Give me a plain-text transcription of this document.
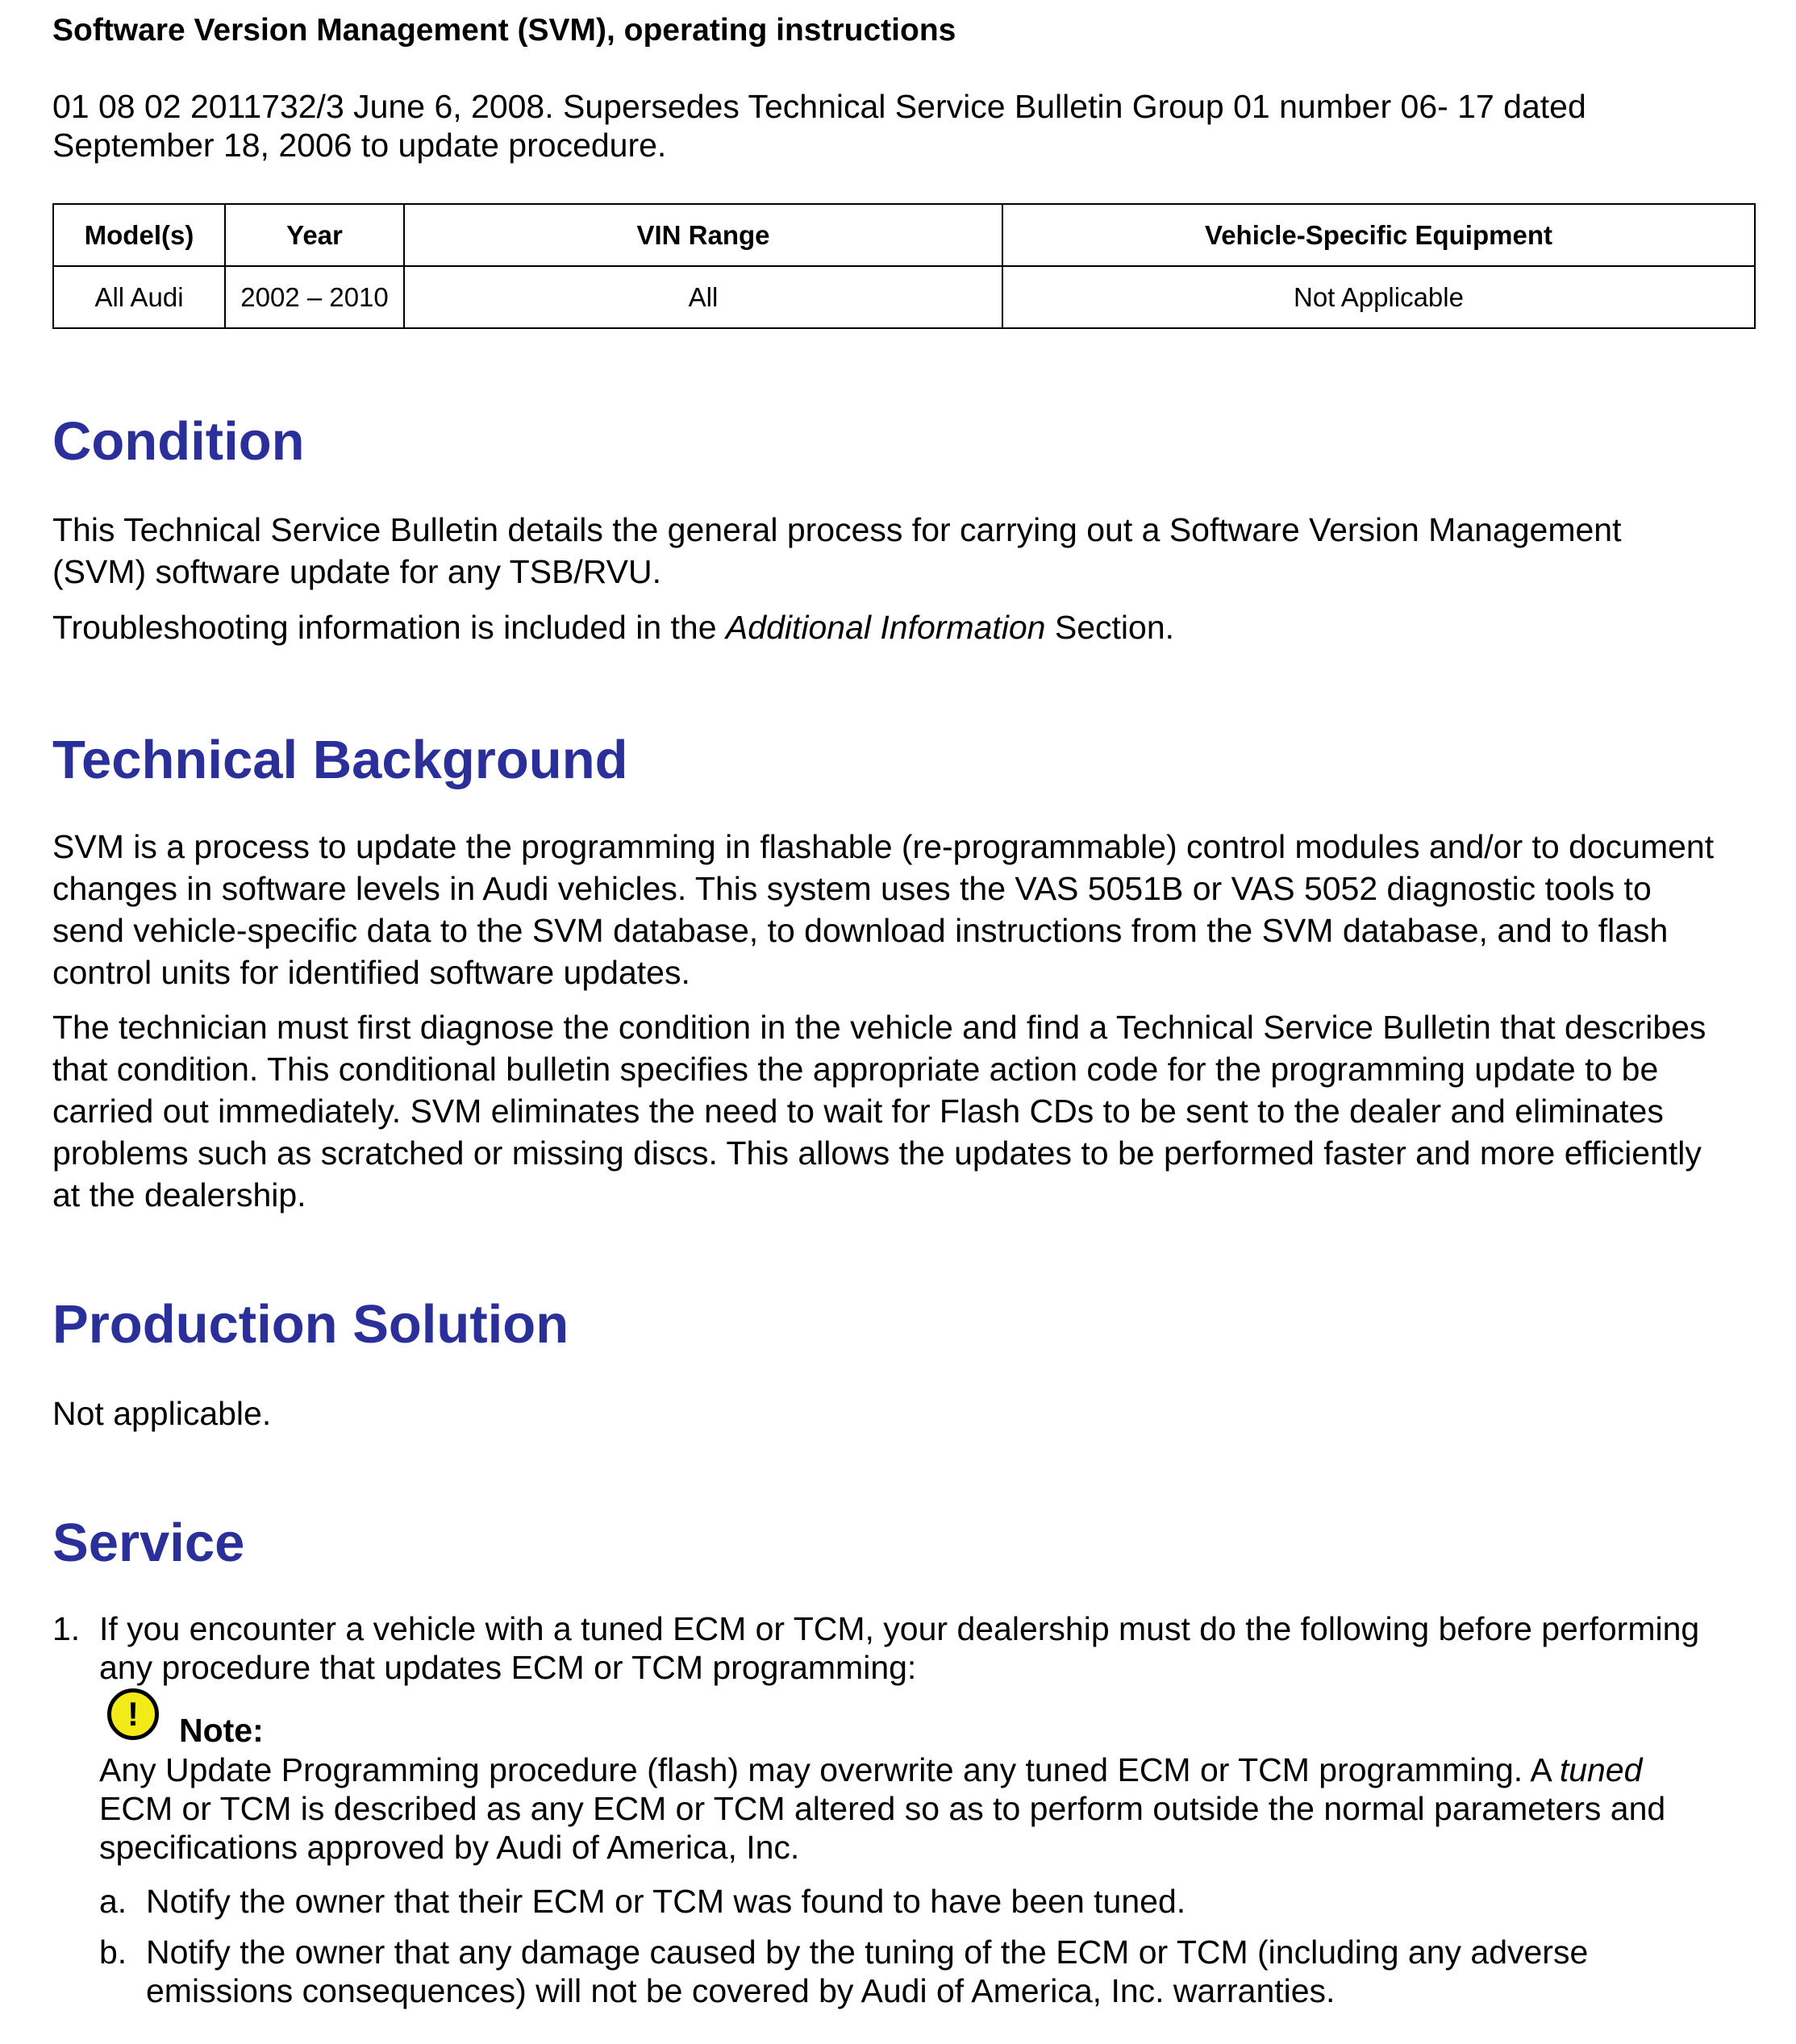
Software Version Management (SVM), operating instructions
01 08 02 2011732/3 June 6, 2008. Supersedes Technical Service Bulletin Group 01 number 06- 17 dated
September 18, 2006 to update procedure.
Model(s)	Year	VIN Range	Vehicle-Specific Equipment
All Audi	2002 – 2010	All	Not Applicable
Condition
This Technical Service Bulletin details the general process for carrying out a Software Version Management
(SVM) software update for any TSB/RVU.
Troubleshooting information is included in the Additional Information Section.
Technical Background
SVM is a process to update the programming in flashable (re-programmable) control modules and/or to document
changes in software levels in Audi vehicles. This system uses the VAS 5051B or VAS 5052 diagnostic tools to
send vehicle-specific data to the SVM database, to download instructions from the SVM database, and to flash
control units for identified software updates.
The technician must first diagnose the condition in the vehicle and find a Technical Service Bulletin that describes
that condition. This conditional bulletin specifies the appropriate action code for the programming update to be
carried out immediately. SVM eliminates the need to wait for Flash CDs to be sent to the dealer and eliminates
problems such as scratched or missing discs. This allows the updates to be performed faster and more efficiently
at the dealership.
Production Solution
Not applicable.
Service
1. If you encounter a vehicle with a tuned ECM or TCM, your dealership must do the following before performing
any procedure that updates ECM or TCM programming:
!	Note:
Any Update Programming procedure (flash) may overwrite any tuned ECM or TCM programming. A tuned
ECM or TCM is described as any ECM or TCM altered so as to perform outside the normal parameters and
specifications approved by Audi of America, Inc.
a. Notify the owner that their ECM or TCM was found to have been tuned.
b. Notify the owner that any damage caused by the tuning of the ECM or TCM (including any adverse
emissions consequences) will not be covered by Audi of America, Inc. warranties.
